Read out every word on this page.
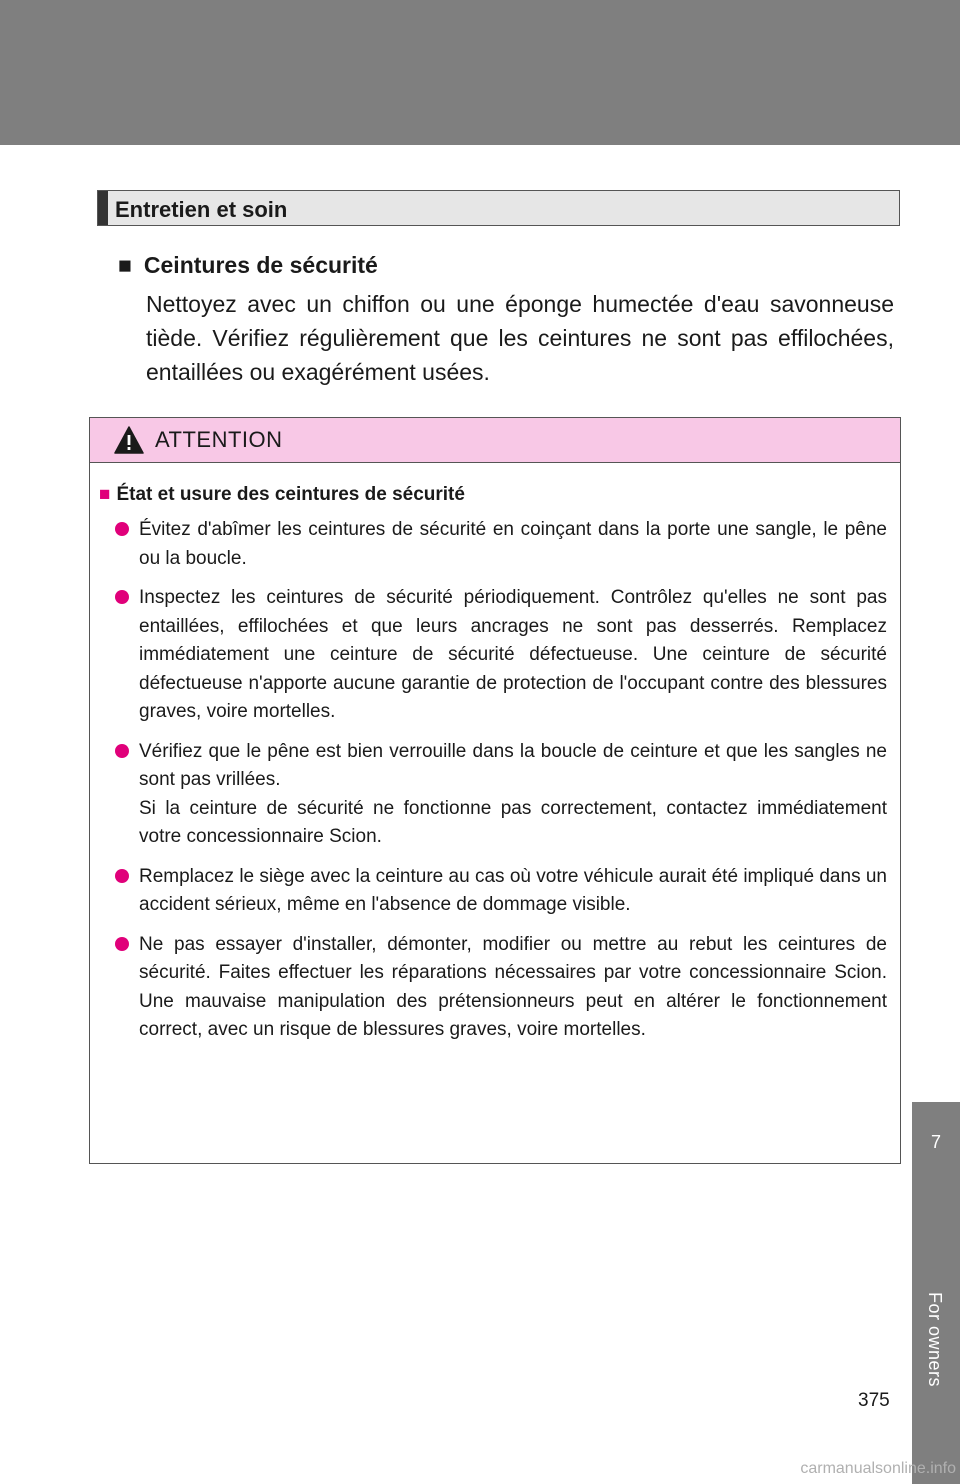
7
For owners
Entretien et soin
■ Ceintures de sécurité
Nettoyez avec un chiffon ou une éponge humectée d'eau savonneuse tiède. Vérifiez régulièrement que les ceintures ne sont pas effilochées, entaillées ou exagérément usées.
ATTENTION
■ État et usure des ceintures de sécurité
Évitez d'abîmer les ceintures de sécurité en coinçant dans la porte une sangle, le pêne ou la boucle.
Inspectez les ceintures de sécurité périodiquement. Contrôlez qu'elles ne sont pas entaillées, effilochées et que leurs ancrages ne sont pas desserrés. Remplacez immédiatement une ceinture de sécurité défectueuse. Une ceinture de sécurité défectueuse n'apporte aucune garantie de protection de l'occupant contre des blessures graves, voire mortelles.
Vérifiez que le pêne est bien verrouille dans la boucle de ceinture et que les sangles ne sont pas vrillées.
Si la ceinture de sécurité ne fonctionne pas correctement, contactez immédiatement votre concessionnaire Scion.
Remplacez le siège avec la ceinture au cas où votre véhicule aurait été impliqué dans un accident sérieux, même en l'absence de dommage visible.
Ne pas essayer d'installer, démonter, modifier ou mettre au rebut les ceintures de sécurité. Faites effectuer les réparations nécessaires par votre concessionnaire Scion. Une mauvaise manipulation des prétensionneurs peut en altérer le fonctionnement correct, avec un risque de blessures graves, voire mortelles.
375
carmanualsonline.info
